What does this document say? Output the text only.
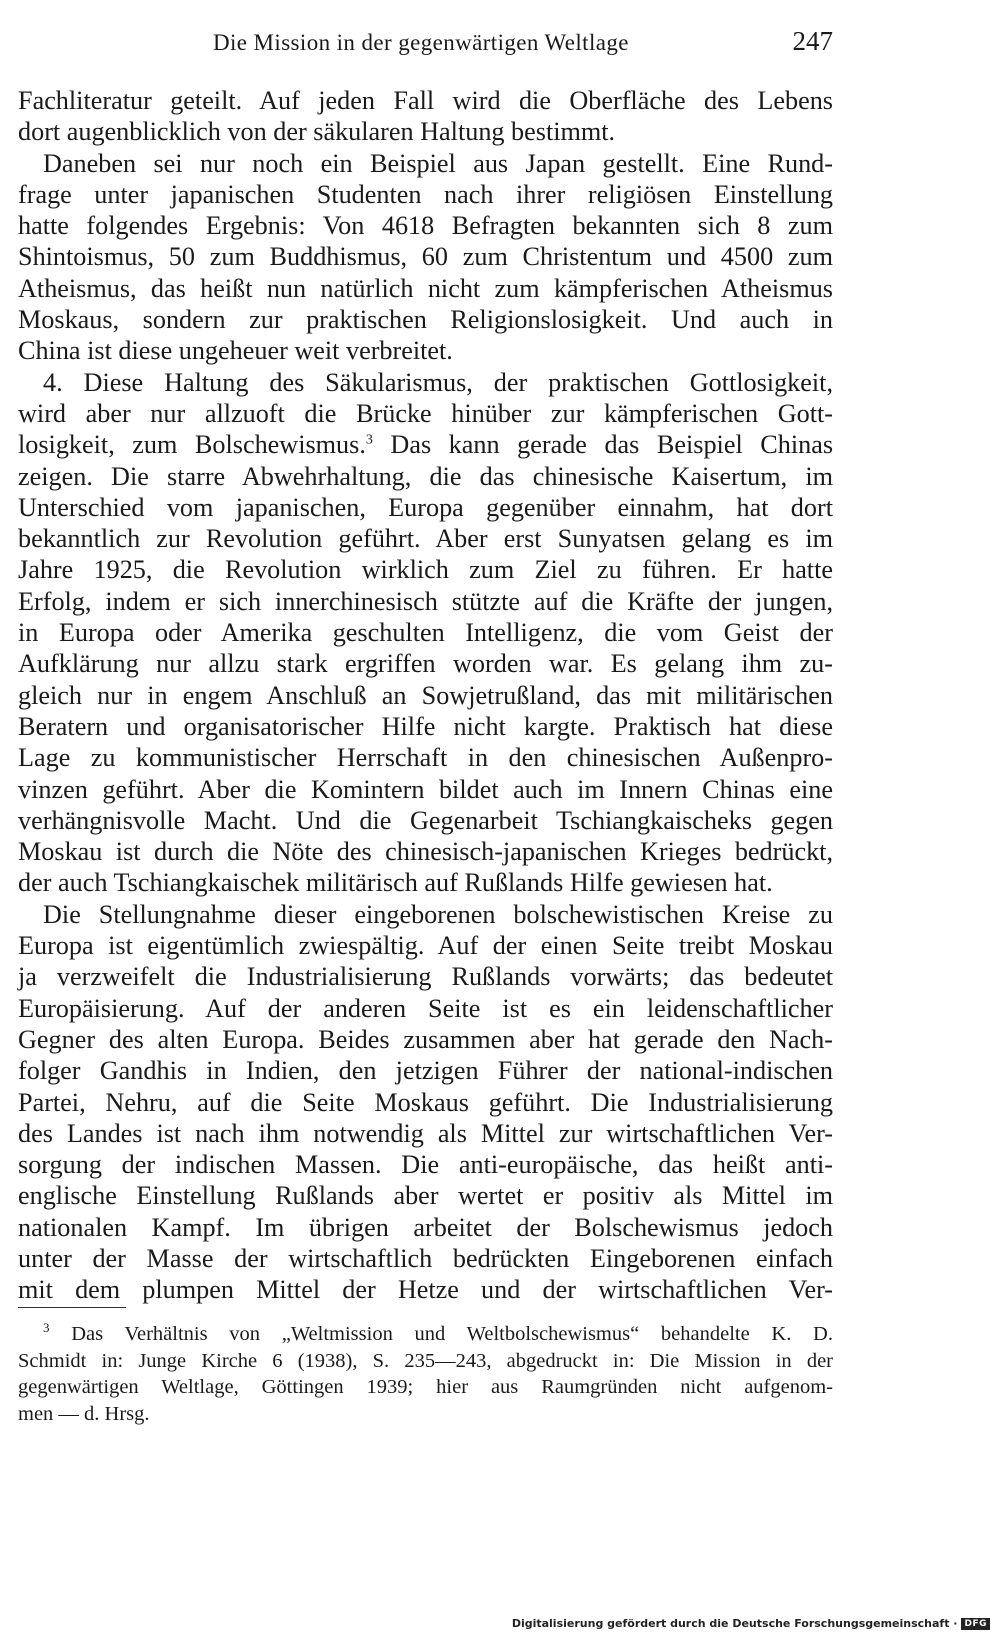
Die Mission in der gegenwärtigen Weltlage	247
Fachliteratur geteilt. Auf jeden Fall wird die Oberfläche des Lebens
dort augenblicklich von der säkularen Haltung bestimmt.
Daneben sei nur noch ein Beispiel aus Japan gestellt. Eine Rund-
frage unter japanischen Studenten nach ihrer religiösen Einstellung
hatte folgendes Ergebnis: Von 4618 Befragten bekannten sich 8 zum
Shintoismus, 50 zum Buddhismus, 60 zum Christentum und 4500 zum
Atheismus, das heißt nun natürlich nicht zum kämpferischen Atheismus
Moskaus, sondern zur praktischen Religionslosigkeit. Und auch in
China ist diese ungeheuer weit verbreitet.
4. Diese Haltung des Säkularismus, der praktischen Gottlosigkeit,
wird aber nur allzuoft die Brücke hinüber zur kämpferischen Gott-
losigkeit, zum Bolschewismus.$^3$ Das kann gerade das Beispiel Chinas
zeigen. Die starre Abwehrhaltung, die das chinesische Kaisertum, im
Unterschied vom japanischen, Europa gegenüber einnahm, hat dort
bekanntlich zur Revolution geführt. Aber erst Sunyatsen gelang es im
Jahre 1925, die Revolution wirklich zum Ziel zu führen. Er hatte
Erfolg, indem er sich innerchinesisch stützte auf die Kräfte der jungen,
in Europa oder Amerika geschulten Intelligenz, die vom Geist der
Aufklärung nur allzu stark ergriffen worden war. Es gelang ihm zu-
gleich nur in engem Anschluß an Sowjetrußland, das mit militärischen
Beratern und organisatorischer Hilfe nicht kargte. Praktisch hat diese
Lage zu kommunistischer Herrschaft in den chinesischen Außenpro-
vinzen geführt. Aber die Komintern bildet auch im Innern Chinas eine
verhängnisvolle Macht. Und die Gegenarbeit Tschiangkaischeks gegen
Moskau ist durch die Nöte des chinesisch-japanischen Krieges bedrückt,
der auch Tschiangkaischek militärisch auf Rußlands Hilfe gewiesen hat.
Die Stellungnahme dieser eingeborenen bolschewistischen Kreise zu
Europa ist eigentümlich zwiespältig. Auf der einen Seite treibt Moskau
ja verzweifelt die Industrialisierung Rußlands vorwärts; das bedeutet
Europäisierung. Auf der anderen Seite ist es ein leidenschaftlicher
Gegner des alten Europa. Beides zusammen aber hat gerade den Nach-
folger Gandhis in Indien, den jetzigen Führer der national-indischen
Partei, Nehru, auf die Seite Moskaus geführt. Die Industrialisierung
des Landes ist nach ihm notwendig als Mittel zur wirtschaftlichen Ver-
sorgung der indischen Massen. Die anti-europäische, das heißt anti-
englische Einstellung Rußlands aber wertet er positiv als Mittel im
nationalen Kampf. Im übrigen arbeitet der Bolschewismus jedoch
unter der Masse der wirtschaftlich bedrückten Eingeborenen einfach
mit dem plumpen Mittel der Hetze und der wirtschaftlichen Ver-
$^3$ Das Verhältnis von „Weltmission und Weltbolschewismus“ behandelte K. D.
Schmidt in: Junge Kirche 6 (1938), S. 235—243, abgedruckt in: Die Mission in der
gegenwärtigen Weltlage, Göttingen 1939; hier aus Raumgründen nicht aufgenom-
men — d. Hrsg.
Digitalisierung gefördert durch die Deutsche Forschungsgemeinschaft · DFG
